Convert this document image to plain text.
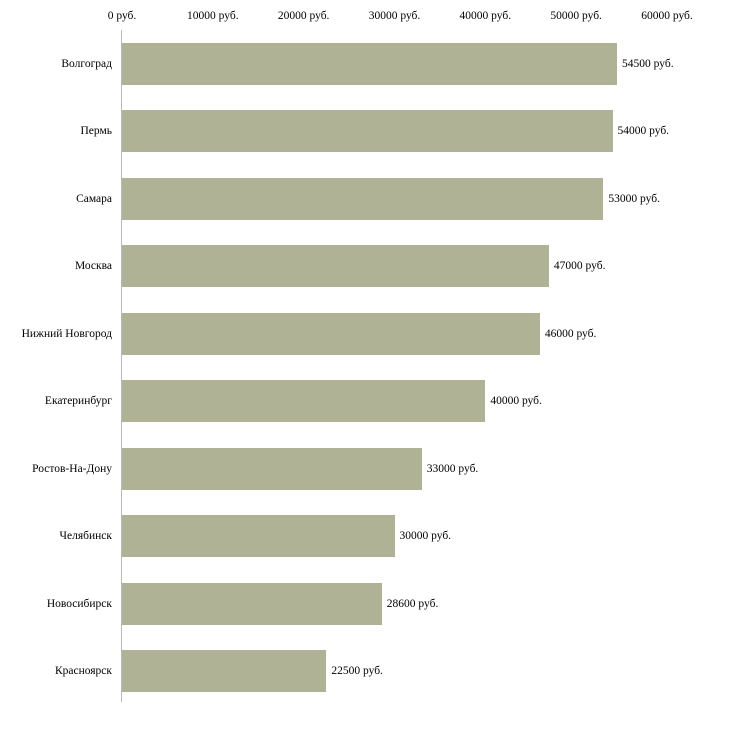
0 руб.	10000 руб.	20000 руб.	30000 руб.	40000 руб.	50000 руб.	60000 руб.
Волгоград
Пермь
Самара
Москва
Нижний Новгород
Екатеринбург
Ростов-На-Дону
Челябинск
Новосибирск
Красноярск
54500 руб.
54000 руб.
53000 руб.
47000 руб.
46000 руб.
40000 руб.
33000 руб.
30000 руб.
28600 руб.
22500 руб.
